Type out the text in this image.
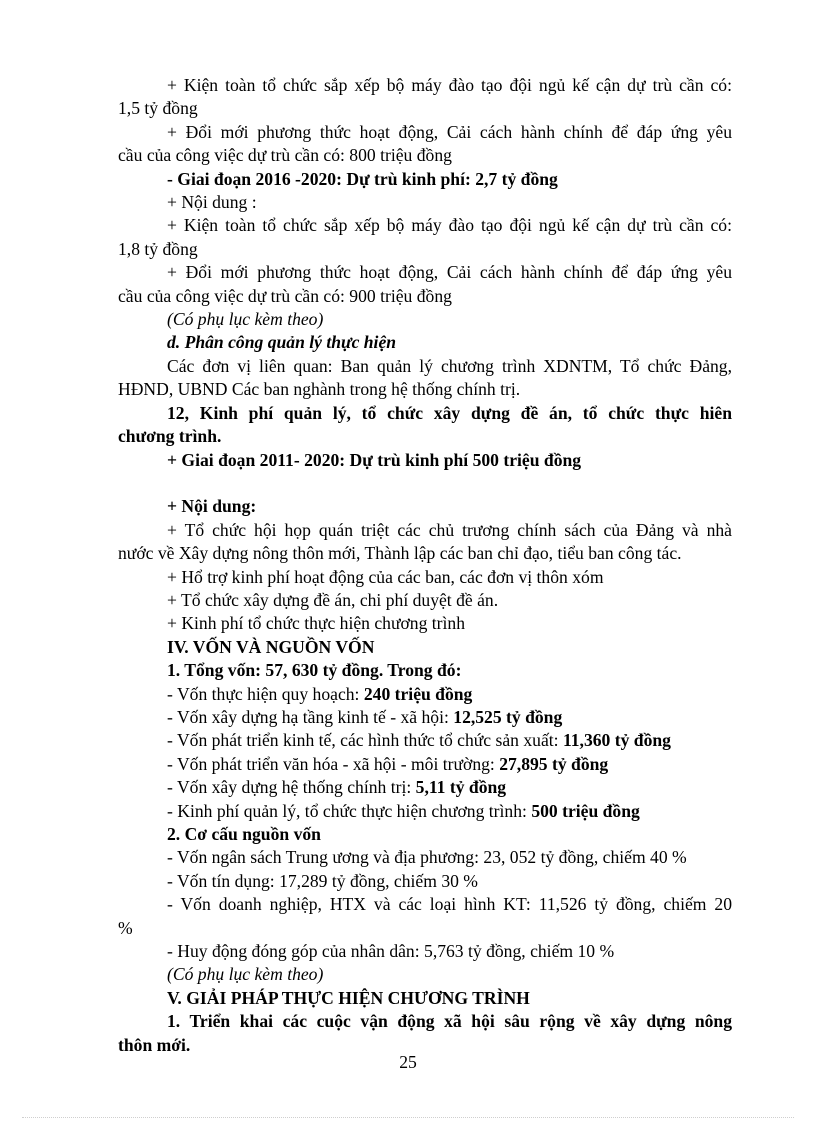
+ Kiện toàn tổ chức sắp xếp bộ máy đào tạo đội ngủ kế cận dự trù cần có:

1,5 tỷ đồng

+ Đổi mới phương thức hoạt động, Cải cách hành chính để đáp ứng yêu

cầu của công việc dự trù cần có: 800 triệu đồng

- Giai đoạn 2016 -2020: Dự trù kinh phí: 2,7 tỷ đồng

+ Nội dung :

+ Kiện toàn tổ chức sắp xếp bộ máy đào tạo đội ngủ kế cận dự trù cần có:

1,8 tỷ đồng

+ Đổi mới phương thức hoạt động, Cải cách hành chính để đáp ứng yêu

cầu của công việc dự trù cần có: 900 triệu đồng

(Có phụ lục kèm theo)

d. Phân công quản lý thực hiện

Các đơn vị liên quan: Ban quản lý chương trình XDNTM, Tổ chức Đảng,

HĐND, UBND Các ban nghành trong hệ thống chính trị.

12, Kinh phí quản lý, tổ chức xây dựng đề án, tổ chức thực hiên

chương trình.

+ Giai đoạn 2011- 2020: Dự trù kinh phí 500 triệu đồng

+ Nội dung:

+ Tổ chức hội họp quán triệt các chủ trương chính sách của Đảng và nhà

nước về Xây dựng nông thôn mới, Thành lập các ban chỉ đạo, tiểu ban công tác.

+ Hổ trợ kinh phí hoạt động của các ban, các đơn vị thôn xóm

+ Tổ chức xây dựng đề án, chi phí duyệt đề án.

+ Kinh phí tổ chức thực hiện chương trình

IV. VỐN VÀ NGUỒN VỐN

1. Tổng vốn: 57, 630 tỷ đồng. Trong đó:

- Vốn thực hiện quy hoạch: 240 triệu đồng

- Vốn xây dựng hạ tầng kinh tế - xã hội: 12,525 tỷ đồng

- Vốn phát triển kinh tế, các hình thức tổ chức sản xuất: 11,360 tỷ đồng

- Vốn phát triển văn hóa - xã hội - môi trường: 27,895 tỷ đồng

- Vốn xây dựng hệ thống chính trị: 5,11 tỷ đồng

- Kinh phí quản lý, tổ chức thực hiện chương trình: 500 triệu đồng

2. Cơ cấu nguồn vốn

- Vốn ngân sách Trung ương và địa phương: 23, 052 tỷ đồng, chiếm 40 %

- Vốn tín dụng: 17,289 tỷ đồng, chiếm 30 %

- Vốn doanh nghiệp, HTX và các loại hình KT: 11,526 tỷ đồng, chiếm 20

%

- Huy động đóng góp của nhân dân: 5,763 tỷ đồng, chiếm 10 %

(Có phụ lục kèm theo)

V. GIẢI PHÁP THỰC HIỆN CHƯƠNG TRÌNH

1. Triển khai các cuộc vận động xã hội sâu rộng về xây dựng nông

thôn mới.

25
